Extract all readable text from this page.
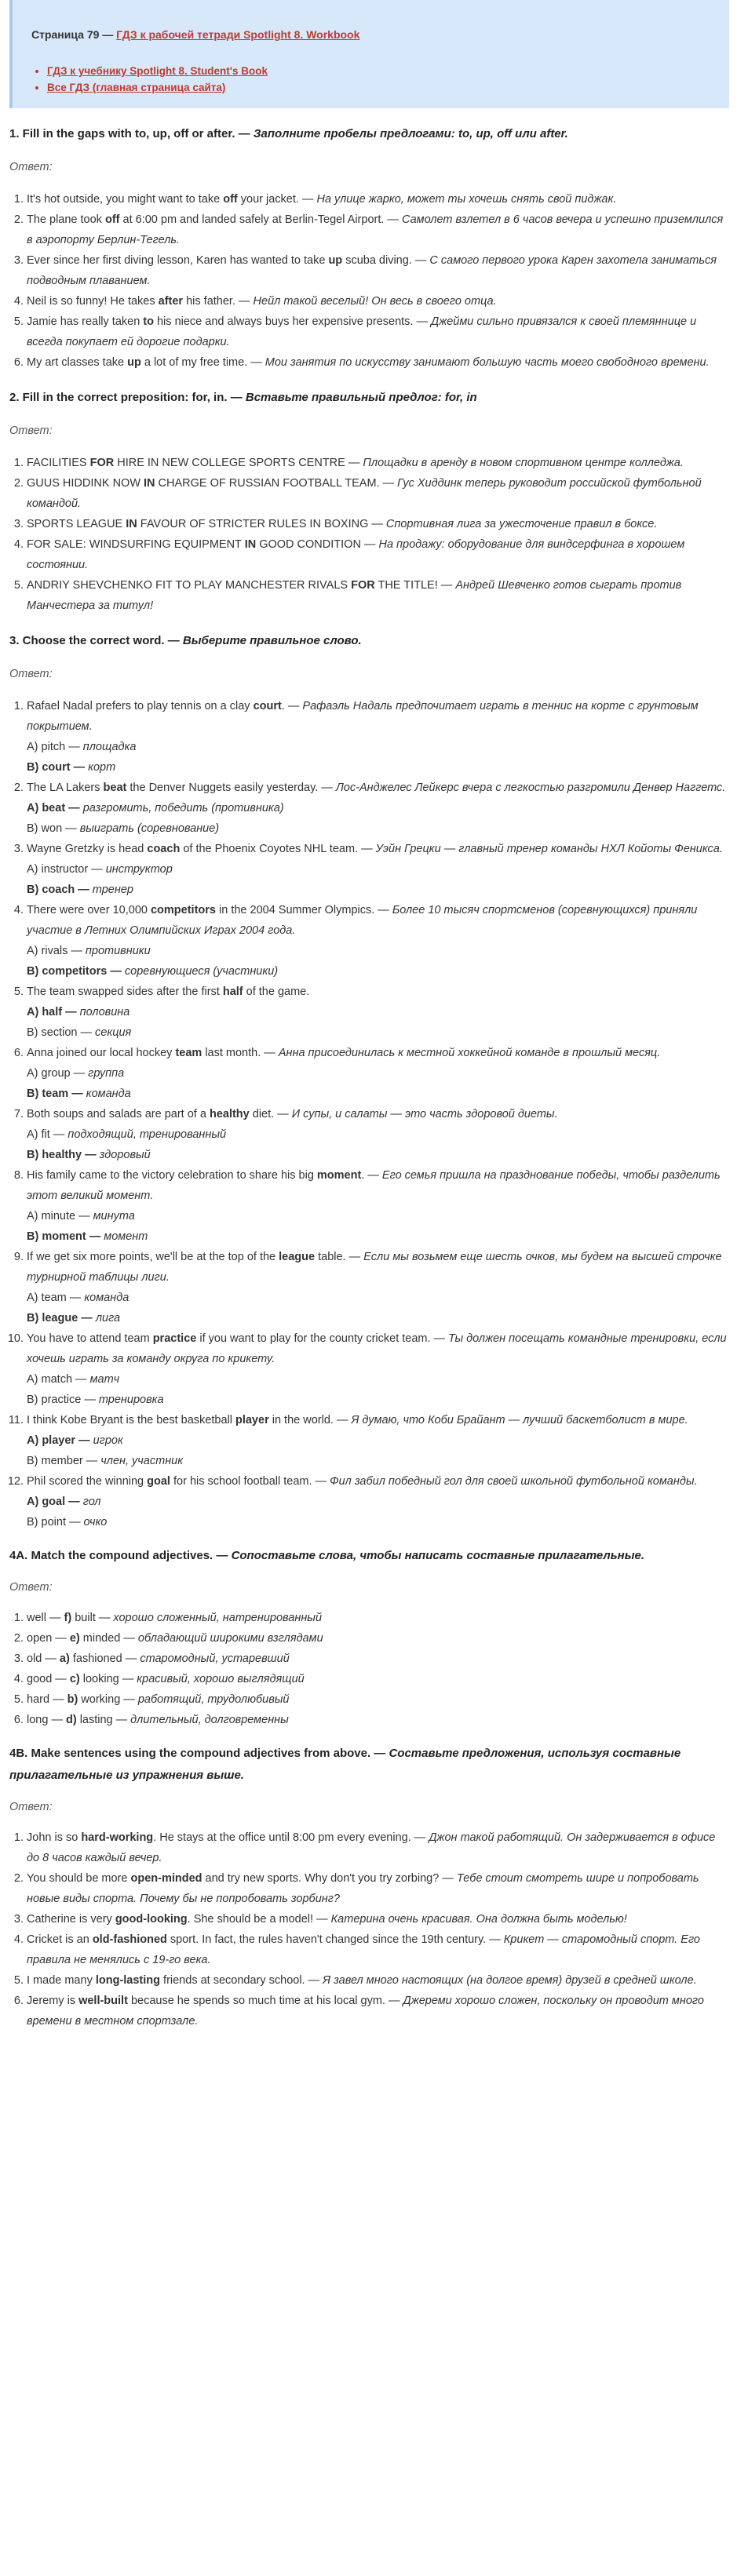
Страница 79 — ГДЗ к рабочей тетради Spotlight 8. Workbook
• ГДЗ к учебнику Spotlight 8. Student's Book
• Все ГДЗ (главная страница сайта)

1. Fill in the gaps with to, up, off or after. — Заполните пробелы предлогами: to, up, off или after.

Ответ:

1. It's hot outside, you might want to take off your jacket. — На улице жарко, может ты хочешь снять свой пиджак.
2. The plane took off at 6:00 pm and landed safely at Berlin-Tegel Airport. — Самолет взлетел в 6 часов вечера и успешно приземлился в аэропорту Берлин-Тегель.
3. Ever since her first diving lesson, Karen has wanted to take up scuba diving. — С самого первого урока Карен захотела заниматься подводным плаванием.
4. Neil is so funny! He takes after his father. — Нейл такой веселый! Он весь в своего отца.
5. Jamie has really taken to his niece and always buys her expensive presents. — Джейми сильно привязался к своей племяннице и всегда покупает ей дорогие подарки.
6. My art classes take up a lot of my free time. — Мои занятия по искусству занимают большую часть моего свободного времени.

2. Fill in the correct preposition: for, in. — Вставьте правильный предлог: for, in

Ответ:

1. FACILITIES FOR HIRE IN NEW COLLEGE SPORTS CENTRE — Площадки в аренду в новом спортивном центре колледжа.
2. GUUS HIDDINK NOW IN CHARGE OF RUSSIAN FOOTBALL TEAM. — Гус Хиддинк теперь руководит российской футбольной командой.
3. SPORTS LEAGUE IN FAVOUR OF STRICTER RULES IN BOXING — Спортивная лига за ужесточение правил в боксе.
4. FOR SALE: WINDSURFING EQUIPMENT IN GOOD CONDITION — На продажу: оборудование для виндсерфинга в хорошем состоянии.
5. ANDRIY SHEVCHENKO FIT TO PLAY MANCHESTER RIVALS FOR THE TITLE! — Андрей Шевченко готов сыграть против Манчестера за титул!

3. Choose the correct word. — Выберите правильное слово.

Ответ:

1. Rafael Nadal prefers to play tennis on a clay court. — Рафаэль Надаль предпочитает играть в теннис на корте с грунтовым покрытием.
A) pitch — площадка
B) court — корт
2. The LA Lakers beat the Denver Nuggets easily yesterday. — Лос-Анджелес Лейкерс вчера с легкостью разгромили Денвер Наггетс.
A) beat — разгромить, победить (противника)
B) won — выиграть (соревнование)
3. Wayne Gretzky is head coach of the Phoenix Coyotes NHL team. — Уэйн Грецки — главный тренер команды НХЛ Койоты Феникса.
A) instructor — инструктор
B) coach — тренер
4. There were over 10,000 competitors in the 2004 Summer Olympics. — Более 10 тысяч спортсменов (соревнующихся) приняли участие в Летних Олимпийских Играх 2004 года.
A) rivals — противники
B) competitors — соревнующиеся (участники)
5. The team swapped sides after the first half of the game.
A) half — половина
B) section — секция
6. Anna joined our local hockey team last month. — Анна присоединилась к местной хоккейной команде в прошлый месяц.
A) group — группа
B) team — команда
7. Both soups and salads are part of a healthy diet. — И супы, и салаты — это часть здоровой диеты.
A) fit — подходящий, тренированный
B) healthy — здоровый
8. His family came to the victory celebration to share his big moment. — Его семья пришла на празднование победы, чтобы разделить этот великий момент.
A) minute — минута
B) moment — момент
9. If we get six more points, we'll be at the top of the league table. — Если мы возьмем еще шесть очков, мы будем на высшей строчке турнирной таблицы лиги.
A) team — команда
B) league — лига
10. You have to attend team practice if you want to play for the county cricket team. — Ты должен посещать командные тренировки, если хочешь играть за команду округа по крикету.
A) match — матч
B) practice — тренировка
11. I think Kobe Bryant is the best basketball player in the world. — Я думаю, что Коби Брайант — лучший баскетболист в мире.
A) player — игрок
B) member — член, участник
12. Phil scored the winning goal for his school football team. — Фил забил победный гол для своей школьной футбольной команды.
A) goal — гол
B) point — очко

4A. Match the compound adjectives. — Сопоставьте слова, чтобы написать составные прилагательные.

Ответ:

1. well — f) built — хорошо сложенный, натренированный
2. open — e) minded — обладающий широкими взглядами
3. old — a) fashioned — старомодный, устаревший
4. good — c) looking — красивый, хорошо выглядящий
5. hard — b) working — работящий, трудолюбивый
6. long — d) lasting — длительный, долговременны

4B. Make sentences using the compound adjectives from above. — Составьте предложения, используя составные прилагательные из упражнения выше.

Ответ:

1. John is so hard-working. He stays at the office until 8:00 pm every evening. — Джон такой работящий. Он задерживается в офисе до 8 часов каждый вечер.
2. You should be more open-minded and try new sports. Why don't you try zorbing? — Тебе стоит смотреть шире и попробовать новые виды спорта. Почему бы не попробовать зорбинг?
3. Catherine is very good-looking. She should be a model! — Катерина очень красивая. Она должна быть моделью!
4. Cricket is an old-fashioned sport. In fact, the rules haven't changed since the 19th century. — Крикет — старомодный спорт. Его правила не менялись с 19-го века.
5. I made many long-lasting friends at secondary school. — Я завел много настоящих (на долгое время) друзей в средней школе.
6. Jeremy is well-built because he spends so much time at his local gym. — Джереми хорошо сложен, поскольку он проводит много времени в местном спортзале.
